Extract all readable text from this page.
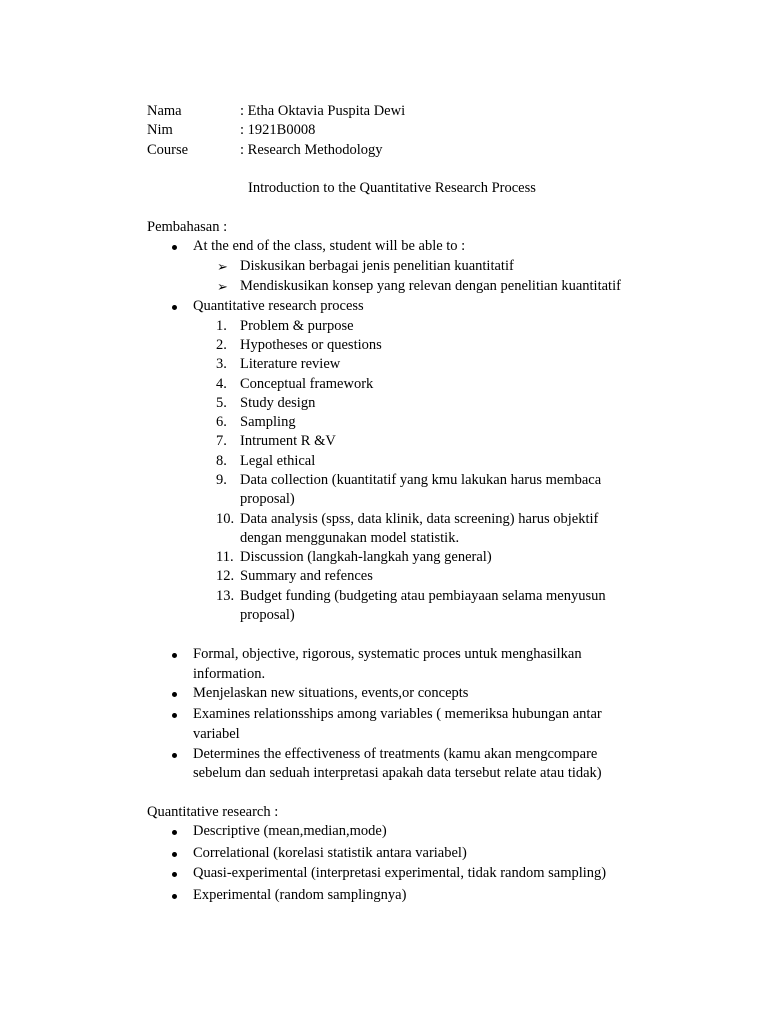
Nama	: Etha Oktavia Puspita Dewi
Nim	: 1921B0008
Course	: Research Methodology
Introduction to the Quantitative Research Process
Pembahasan :
At the end of the class, student will be able to :
➢ Diskusikan berbagai jenis penelitian kuantitatif
➢ Mendiskusikan konsep yang relevan dengan penelitian kuantitatif
Quantitative research process
1. Problem & purpose
2. Hypotheses or questions
3. Literature review
4. Conceptual framework
5. Study design
6. Sampling
7. Intrument R &V
8. Legal ethical
9. Data collection (kuantitatif yang kmu lakukan harus membaca
proposal)
10. Data analysis (spss, data klinik, data screening) harus objektif
dengan menggunakan model statistik.
11. Discussion (langkah-langkah yang general)
12. Summary and refences
13. Budget funding (budgeting atau pembiayaan selama menyusun
proposal)
Formal, objective, rigorous, systematic proces untuk menghasilkan
information.
Menjelaskan new situations, events,or concepts
Examines relationsships among variables ( memeriksa hubungan antar
variabel
Determines the effectiveness of treatments (kamu akan mengcompare
sebelum dan seduah interpretasi apakah data tersebut relate atau tidak)
Quantitative research :
Descriptive (mean,median,mode)
Correlational (korelasi statistik antara variabel)
Quasi-experimental (interpretasi experimental, tidak random sampling)
Experimental (random samplingnya)
